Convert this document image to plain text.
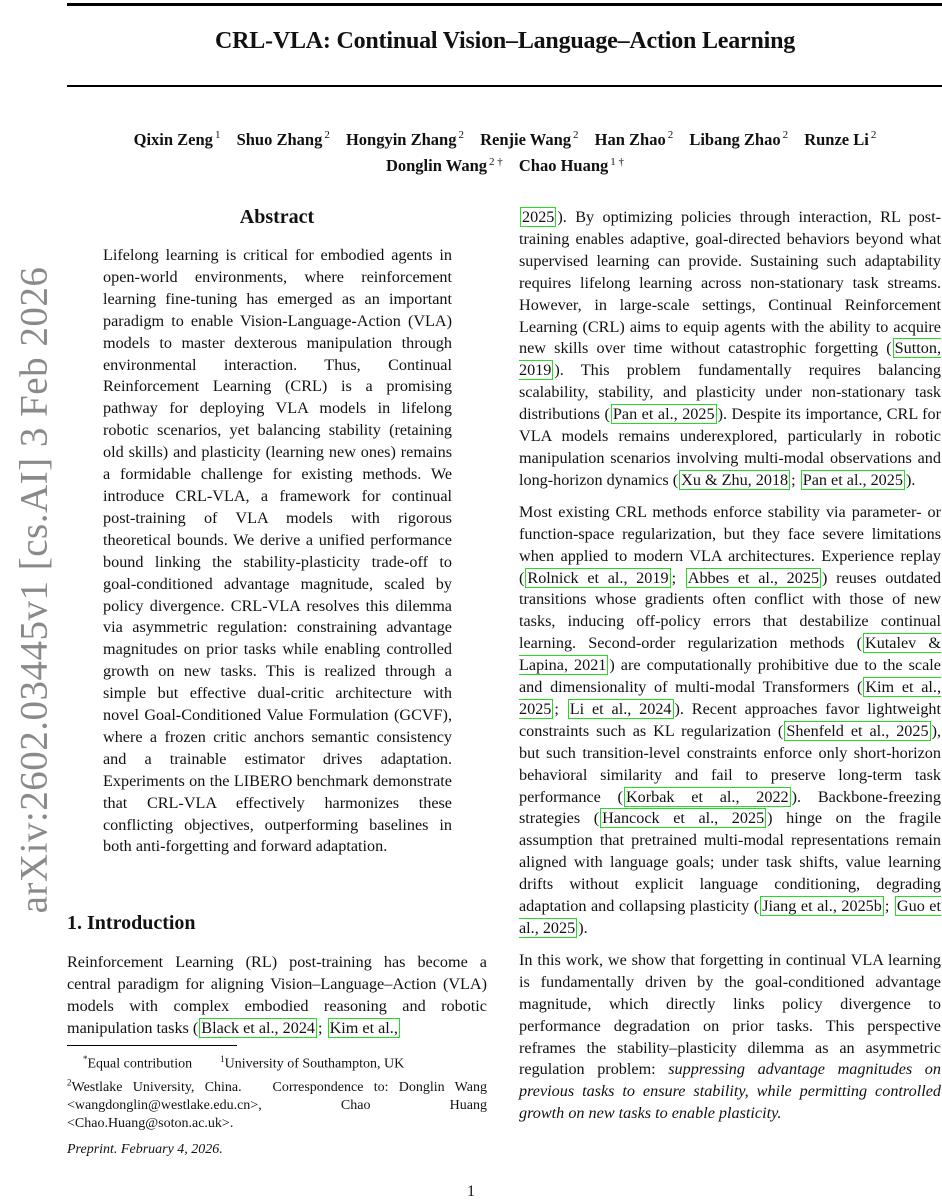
CRL-VLA: Continual Vision–Language–Action Learning
Qixin Zeng $^1$ Shuo Zhang $^2$ Hongyin Zhang $^2$ Renjie Wang $^2$ Han Zhao $^2$ Libang Zhao $^2$ Runze Li $^2$
Donglin Wang $^{2 \dagger}$ Chao Huang $^{1 \dagger}$
arXiv:2602.03445v1 [cs.AI] 3 Feb 2026
Abstract
Lifelong learning is critical for embodied agents in open-world environments, where reinforcement learning fine-tuning has emerged as an important paradigm to enable Vision-Language-Action (VLA) models to master dexterous manipulation through environmental interaction. Thus, Continual Reinforcement Learning (CRL) is a promising pathway for deploying VLA models in lifelong robotic scenarios, yet balancing stability (retaining old skills) and plasticity (learning new ones) remains a formidable challenge for existing methods. We introduce CRL-VLA, a framework for continual post-training of VLA models with rigorous theoretical bounds. We derive a unified performance bound linking the stability-plasticity trade-off to goal-conditioned advantage magnitude, scaled by policy divergence. CRL-VLA resolves this dilemma via asymmetric regulation: constraining advantage magnitudes on prior tasks while enabling controlled growth on new tasks. This is realized through a simple but effective dual-critic architecture with novel Goal-Conditioned Value Formulation (GCVF), where a frozen critic anchors semantic consistency and a trainable estimator drives adaptation. Experiments on the LIBERO benchmark demonstrate that CRL-VLA effectively harmonizes these conflicting objectives, outperforming baselines in both anti-forgetting and forward adaptation.
1. Introduction
Reinforcement Learning (RL) post-training has become a central paradigm for aligning Vision–Language–Action (VLA) models with complex embodied reasoning and robotic manipulation tasks ( Black et al., 2024 ; Kim et al.,
*Equal contribution	$^1$University of Southampton, UK
$^2$Westlake University, China. Correspondence to: Donglin Wang <wangdonglin@westlake.edu.cn>, Chao Huang <Chao.Huang@soton.ac.uk>.
Preprint. February 4, 2026.

2025 ). By optimizing policies through interaction, RL post-training enables adaptive, goal-directed behaviors beyond what supervised learning can provide. Sustaining such adaptability requires lifelong learning across non-stationary task streams. However, in large-scale settings, Continual Reinforcement Learning (CRL) aims to equip agents with the ability to acquire new skills over time without catastrophic forgetting ( Sutton, 2019 ). This problem fundamentally requires balancing scalability, stability, and plasticity under non-stationary task distributions ( Pan et al., 2025 ). Despite its importance, CRL for VLA models remains underexplored, particularly in robotic manipulation scenarios involving multi-modal observations and long-horizon dynamics ( Xu & Zhu, 2018 ; Pan et al., 2025 ).

Most existing CRL methods enforce stability via parameter- or function-space regularization, but they face severe limitations when applied to modern VLA architectures. Experience replay ( Rolnick et al., 2019 ; Abbes et al., 2025 ) reuses outdated transitions whose gradients often conflict with those of new tasks, inducing off-policy errors that destabilize continual learning. Second-order regularization methods ( Kutalev & Lapina, 2021 ) are computationally prohibitive due to the scale and dimensionality of multi-modal Transformers ( Kim et al., 2025 ; Li et al., 2024 ). Recent approaches favor lightweight constraints such as KL regularization ( Shenfeld et al., 2025 ), but such transition-level constraints enforce only short-horizon behavioral similarity and fail to preserve long-term task performance ( Korbak et al., 2022 ). Backbone-freezing strategies ( Hancock et al., 2025 ) hinge on the fragile assumption that pretrained multi-modal representations remain aligned with language goals; under task shifts, value learning drifts without explicit language conditioning, degrading adaptation and collapsing plasticity ( Jiang et al., 2025b ; Guo et al., 2025 ).

In this work, we show that forgetting in continual VLA learning is fundamentally driven by the goal-conditioned advantage magnitude, which directly links policy divergence to performance degradation on prior tasks. This perspective reframes the stability–plasticity dilemma as an asymmetric regulation problem: suppressing advantage magnitudes on previous tasks to ensure stability, while permitting controlled growth on new tasks to enable plasticity.

1
